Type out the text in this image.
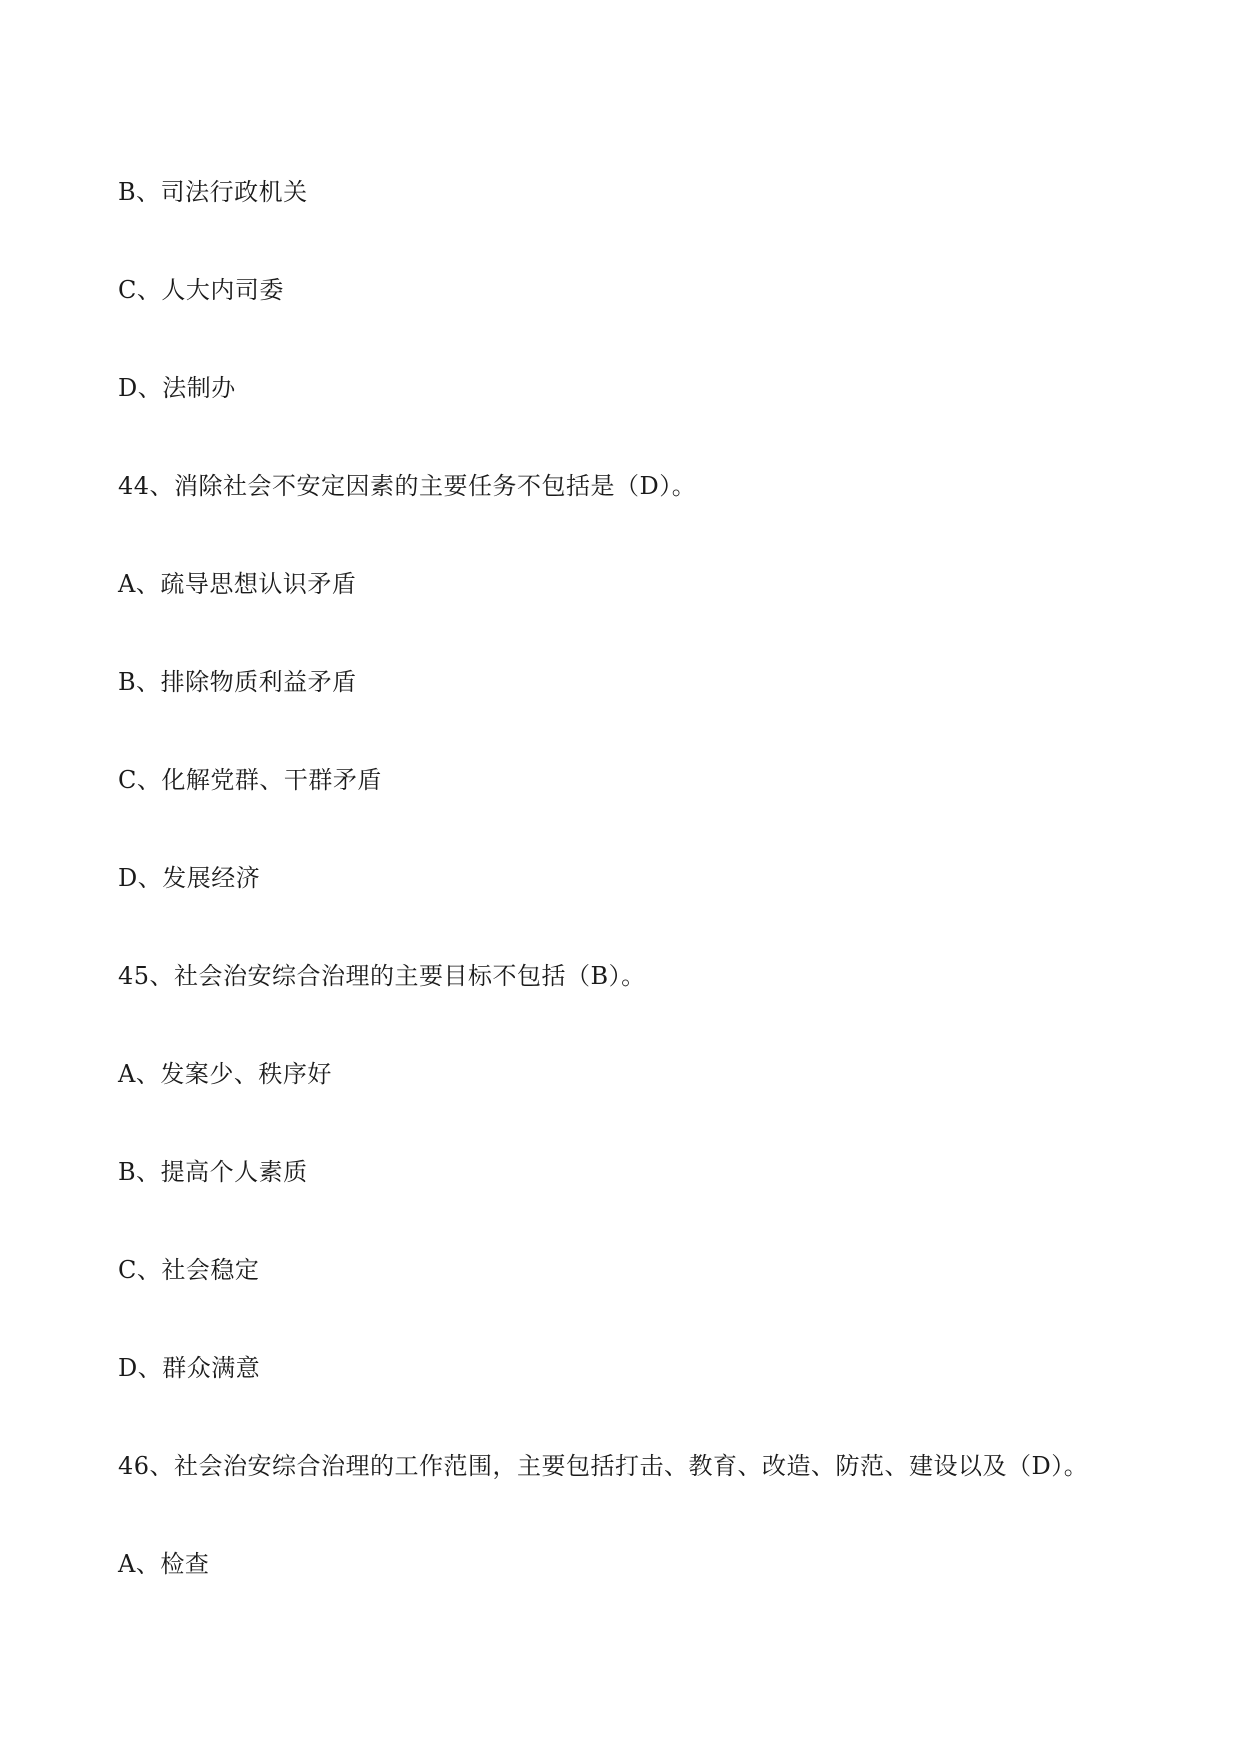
B、司法行政机关

C、人大内司委

D、法制办

44、消除社会不安定因素的主要任务不包括是（D）。

A、疏导思想认识矛盾

B、排除物质利益矛盾

C、化解党群、干群矛盾

D、发展经济

45、社会治安综合治理的主要目标不包括（B）。

A、发案少、秩序好

B、提高个人素质

C、社会稳定

D、群众满意

46、社会治安综合治理的工作范围，主要包括打击、教育、改造、防范、建设以及（D）。

A、检查
